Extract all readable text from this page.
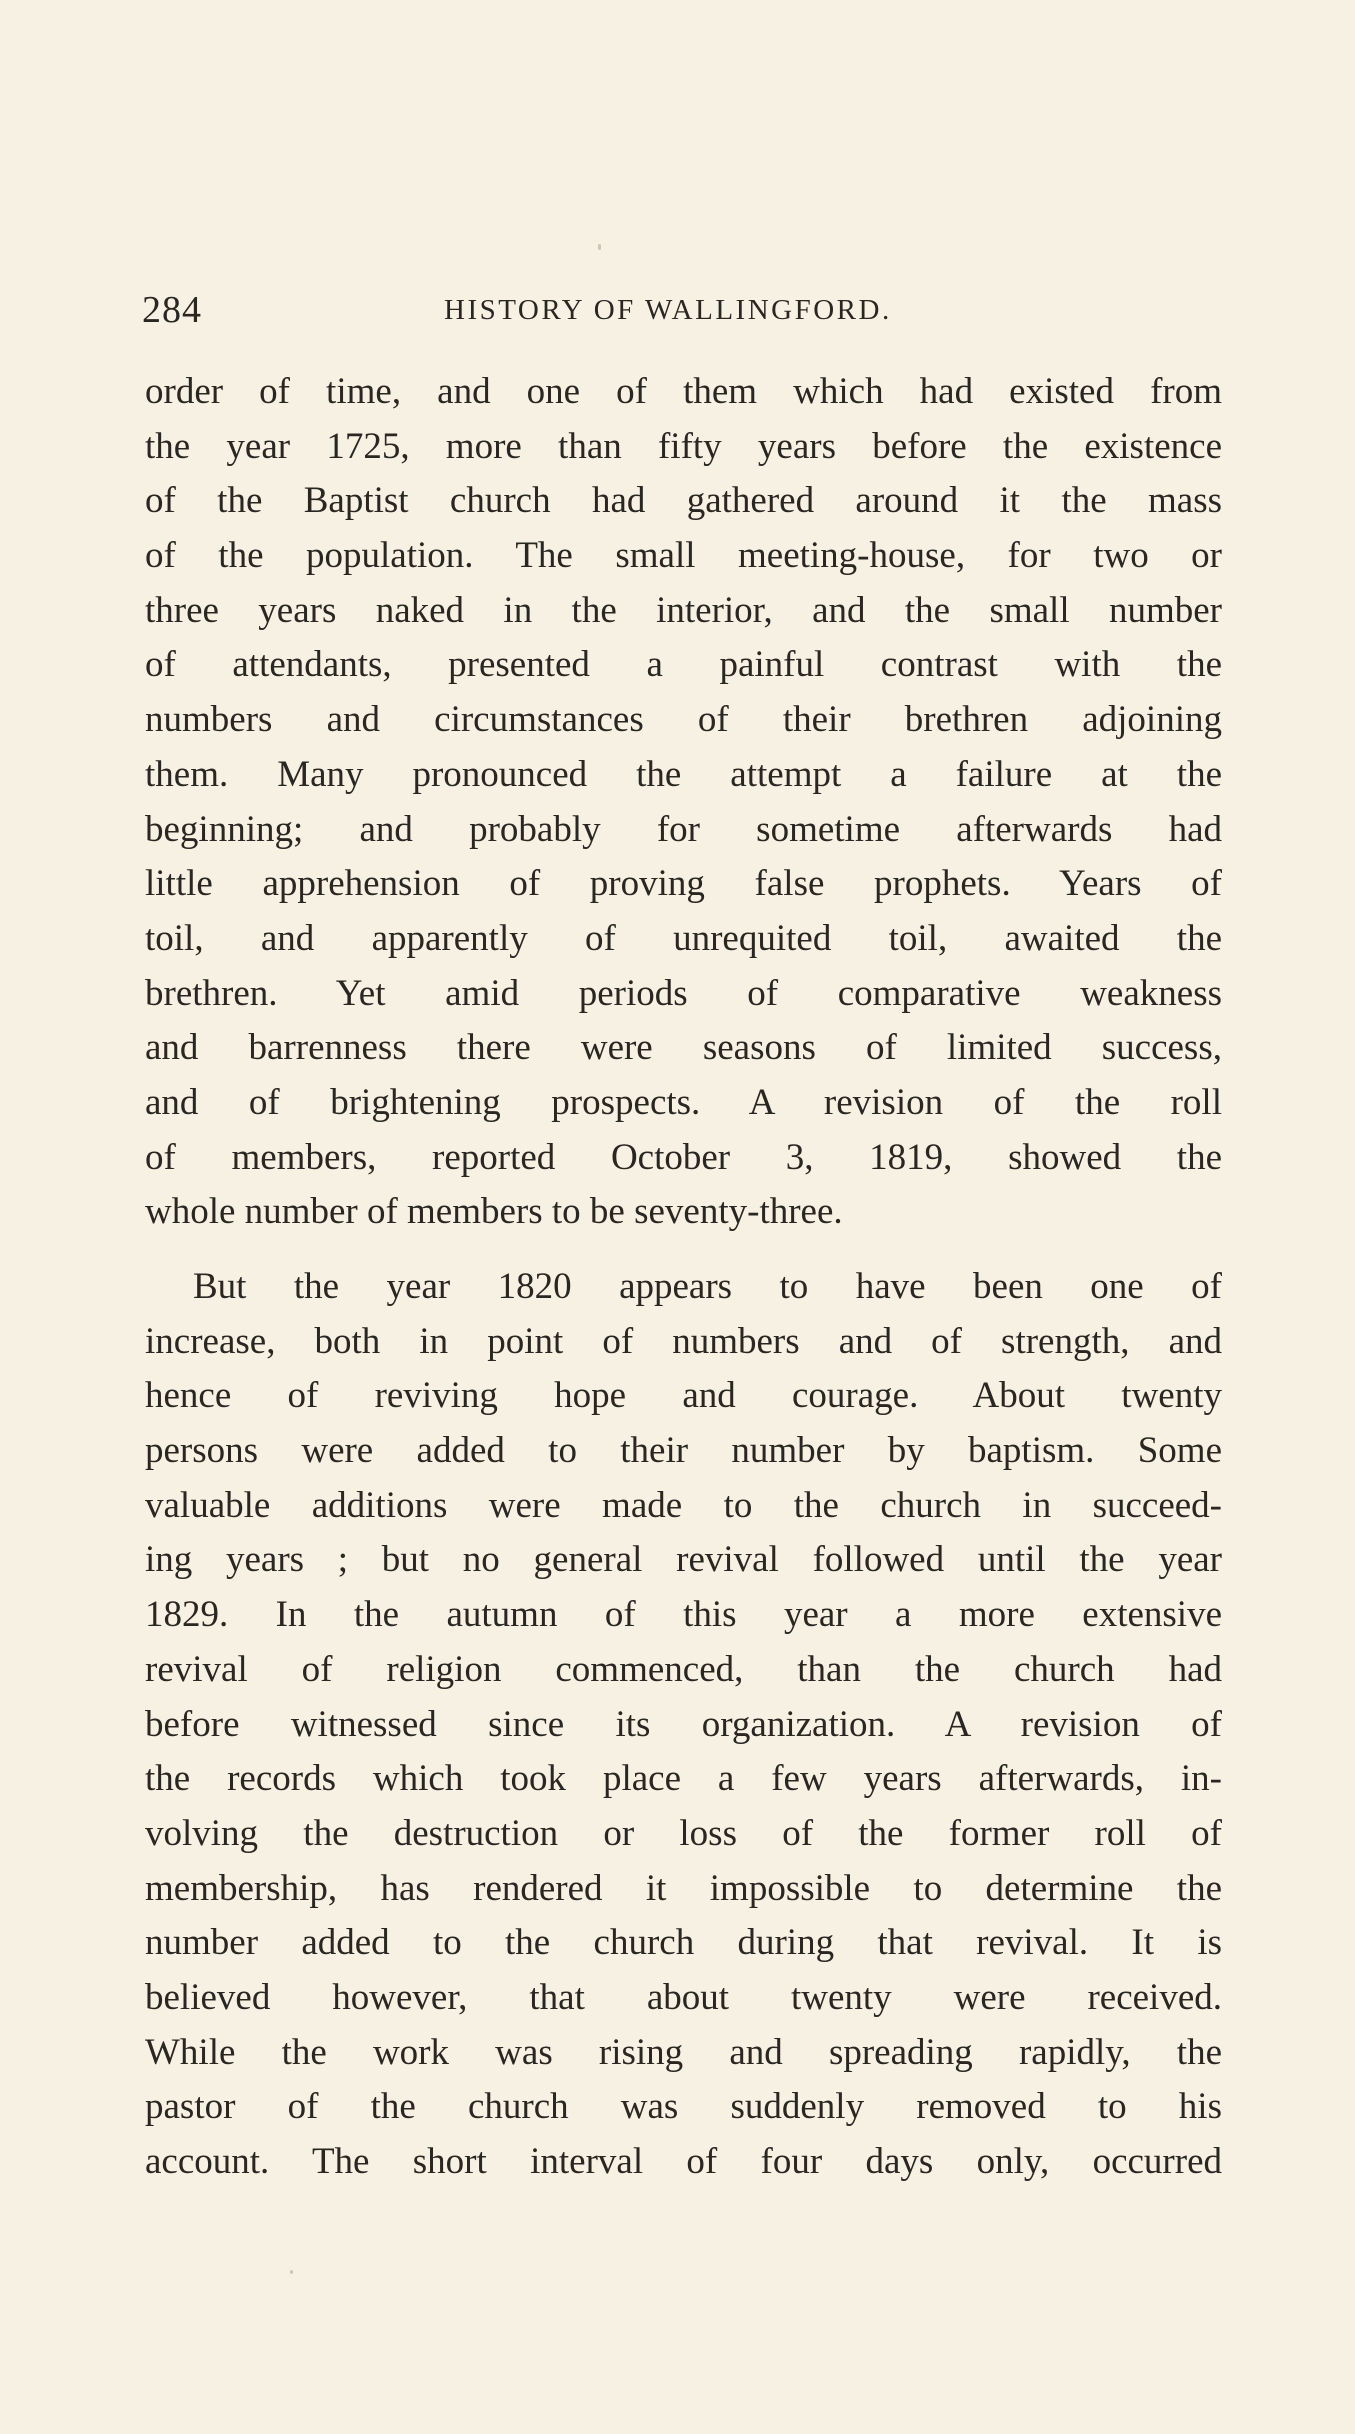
284	HISTORY OF WALLINGFORD.
order of time, and one of them which had existed from
the year 1725, more than fifty years before the existence
of the Baptist church had gathered around it the mass
of the population. The small meeting-house, for two or
three years naked in the interior, and the small number
of attendants, presented a painful contrast with the
numbers and circumstances of their brethren adjoining
them. Many pronounced the attempt a failure at the
beginning; and probably for sometime afterwards had
little apprehension of proving false prophets. Years of
toil, and apparently of unrequited toil, awaited the
brethren. Yet amid periods of comparative weakness
and barrenness there were seasons of limited success,
and of brightening prospects. A revision of the roll
of members, reported October 3, 1819, showed the
whole number of members to be seventy-three.
But the year 1820 appears to have been one of
increase, both in point of numbers and of strength, and
hence of reviving hope and courage. About twenty
persons were added to their number by baptism. Some
valuable additions were made to the church in succeed-
ing years ; but no general revival followed until the year
1829. In the autumn of this year a more extensive
revival of religion commenced, than the church had
before witnessed since its organization. A revision of
the records which took place a few years afterwards, in-
volving the destruction or loss of the former roll of
membership, has rendered it impossible to determine the
number added to the church during that revival. It is
believed however, that about twenty were received.
While the work was rising and spreading rapidly, the
pastor of the church was suddenly removed to his
account. The short interval of four days only, occurred
